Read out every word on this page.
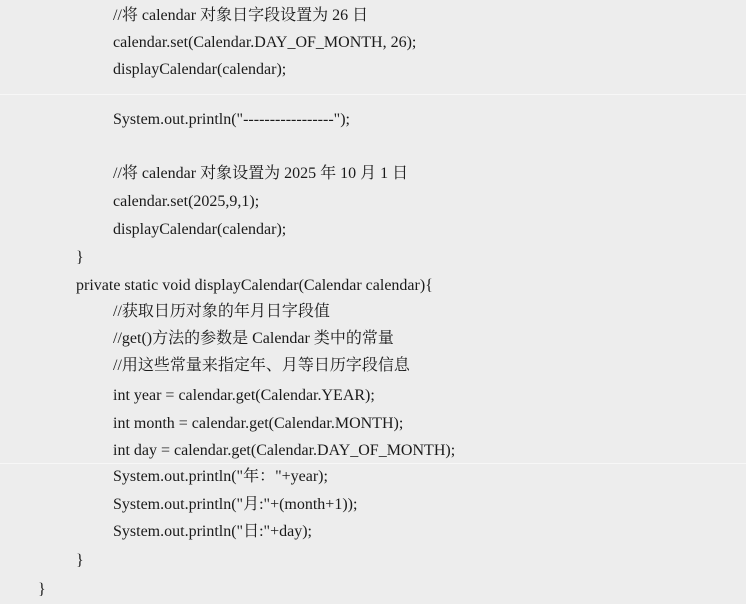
//将 calendar 对象日字段设置为 26 日
calendar.set(Calendar.DAY_OF_MONTH, 26);
displayCalendar(calendar);
System.out.println("-----------------");
//将 calendar 对象设置为 2025 年 10 月 1 日
calendar.set(2025,9,1);
displayCalendar(calendar);
}
private static void displayCalendar(Calendar calendar){
//获取日历对象的年月日字段值
//get()方法的参数是 Calendar 类中的常量
//用这些常量来指定年、月等日历字段信息
int year = calendar.get(Calendar.YEAR);
int month = calendar.get(Calendar.MONTH);
int day = calendar.get(Calendar.DAY_OF_MONTH);
System.out.println("年："+year);
System.out.println("月:"+(month+1));
System.out.println("日:"+day);
}
}
